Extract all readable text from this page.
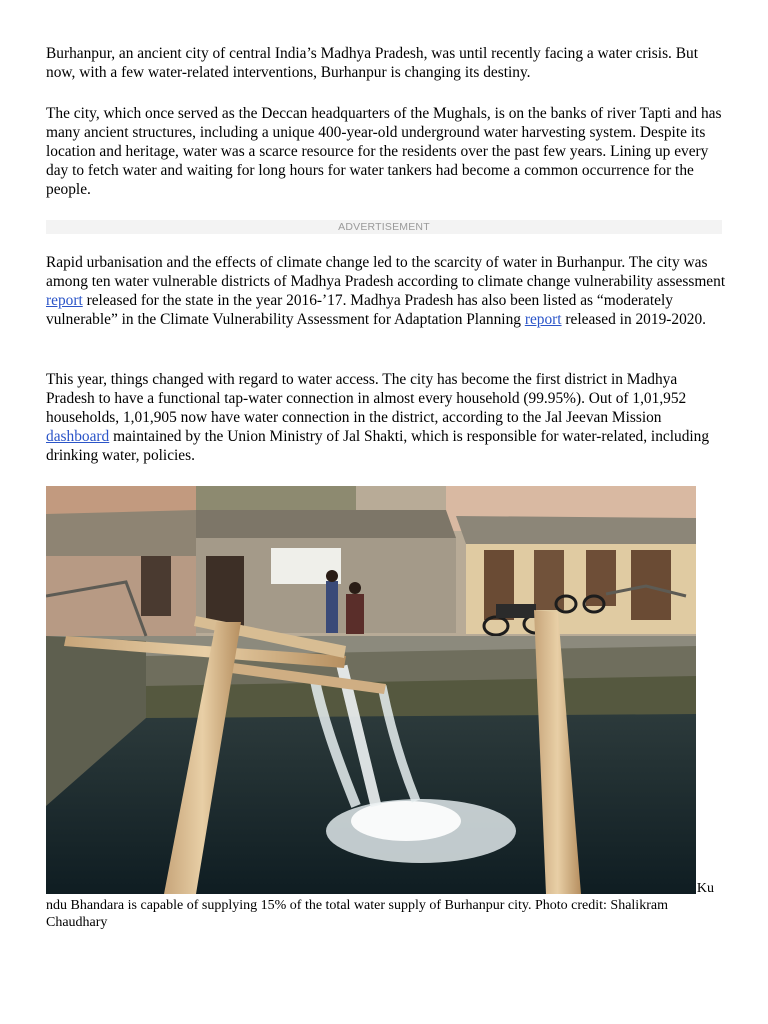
Burhanpur, an ancient city of central India’s Madhya Pradesh, was until recently facing a water crisis. But now, with a few water-related interventions, Burhanpur is changing its destiny.

The city, which once served as the Deccan headquarters of the Mughals, is on the banks of river Tapti and has many ancient structures, including a unique 400-year-old underground water harvesting system. Despite its location and heritage, water was a scarce resource for the residents over the past few years. Lining up every day to fetch water and waiting for long hours for water tankers had become a common occurrence for the people.

ADVERTISEMENT

Rapid urbanisation and the effects of climate change led to the scarcity of water in Burhanpur. The city was among ten water vulnerable districts of Madhya Pradesh according to climate change vulnerability assessment report released for the state in the year 2016-’17. Madhya Pradesh has also been listed as “moderately vulnerable” in the Climate Vulnerability Assessment for Adaptation Planning report released in 2019-2020.

This year, things changed with regard to water access. The city has become the first district in Madhya Pradesh to have a functional tap-water connection in almost every household (99.95%). Out of 1,01,952 households, 1,01,905 now have water connection in the district, according to the Jal Jeevan Mission dashboard maintained by the Union Ministry of Jal Shakti, which is responsible for water-related, including drinking water, policies.

Ku
ndu Bhandara is capable of supplying 15% of the total water supply of Burhanpur city. Photo credit: Shalikram Chaudhary
